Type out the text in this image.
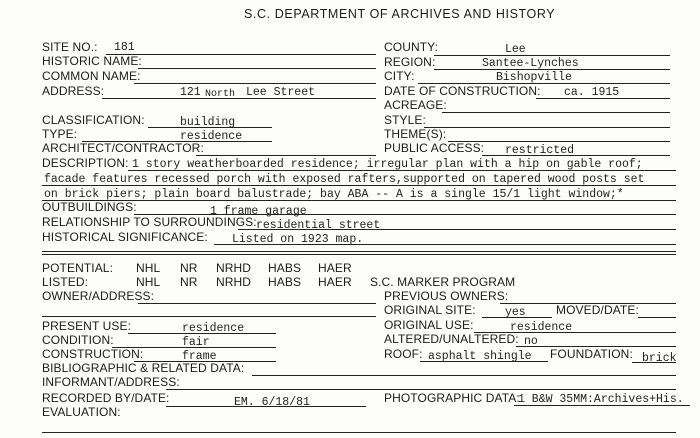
S.C. DEPARTMENT OF ARCHIVES AND HISTORY
SITE NO.: 181	COUNTY:	Lee
HISTORIC NAME:	REGION:	Santee-Lynches
COMMON NAME:	CITY:	Bishopville
ADDRESS:	121 North Lee Street	DATE OF CONSTRUCTION: ca. 1915
ACREAGE:
CLASSIFICATION:	building	STYLE:
TYPE:	residence	THEME(S):
ARCHITECT/CONTRACTOR:	PUBLIC ACCESS: restricted
DESCRIPTION: 1 story weatherboarded residence; irregular plan with a hip on gable roof;
facade features recessed porch with exposed rafters,supported on tapered wood posts set
on brick piers; plain board balustrade; bay ABA -- A is a single 15/1 light window;*
OUTBUILDINGS:	1 frame garage
RELATIONSHIP TO SURROUNDINGS: residential street
HISTORICAL SIGNIFICANCE: Listed on 1923 map.
POTENTIAL: NHL NR NRHD HABS HAER
LISTED:	NHL NR NRHD HABS HAER S.C. MARKER PROGRAM
OWNER/ADDRESS:	PREVIOUS OWNERS:
ORIGINAL SITE:	yes	MOVED/DATE:
PRESENT USE:	residence	ORIGINAL USE:	residence
CONDITION:	fair	ALTERED/UNALTERED: no
CONSTRUCTION:	frame	ROOF: asphalt shingle FOUNDATION: brick
BIBLIOGRAPHIC & RELATED DATA:
INFORMANT/ADDRESS:
RECORDED BY/DATE:	EM. 6/18/81	PHOTOGRAPHIC DATA:
1 B&W 35MM:Archives+His.
EVALUATION:
